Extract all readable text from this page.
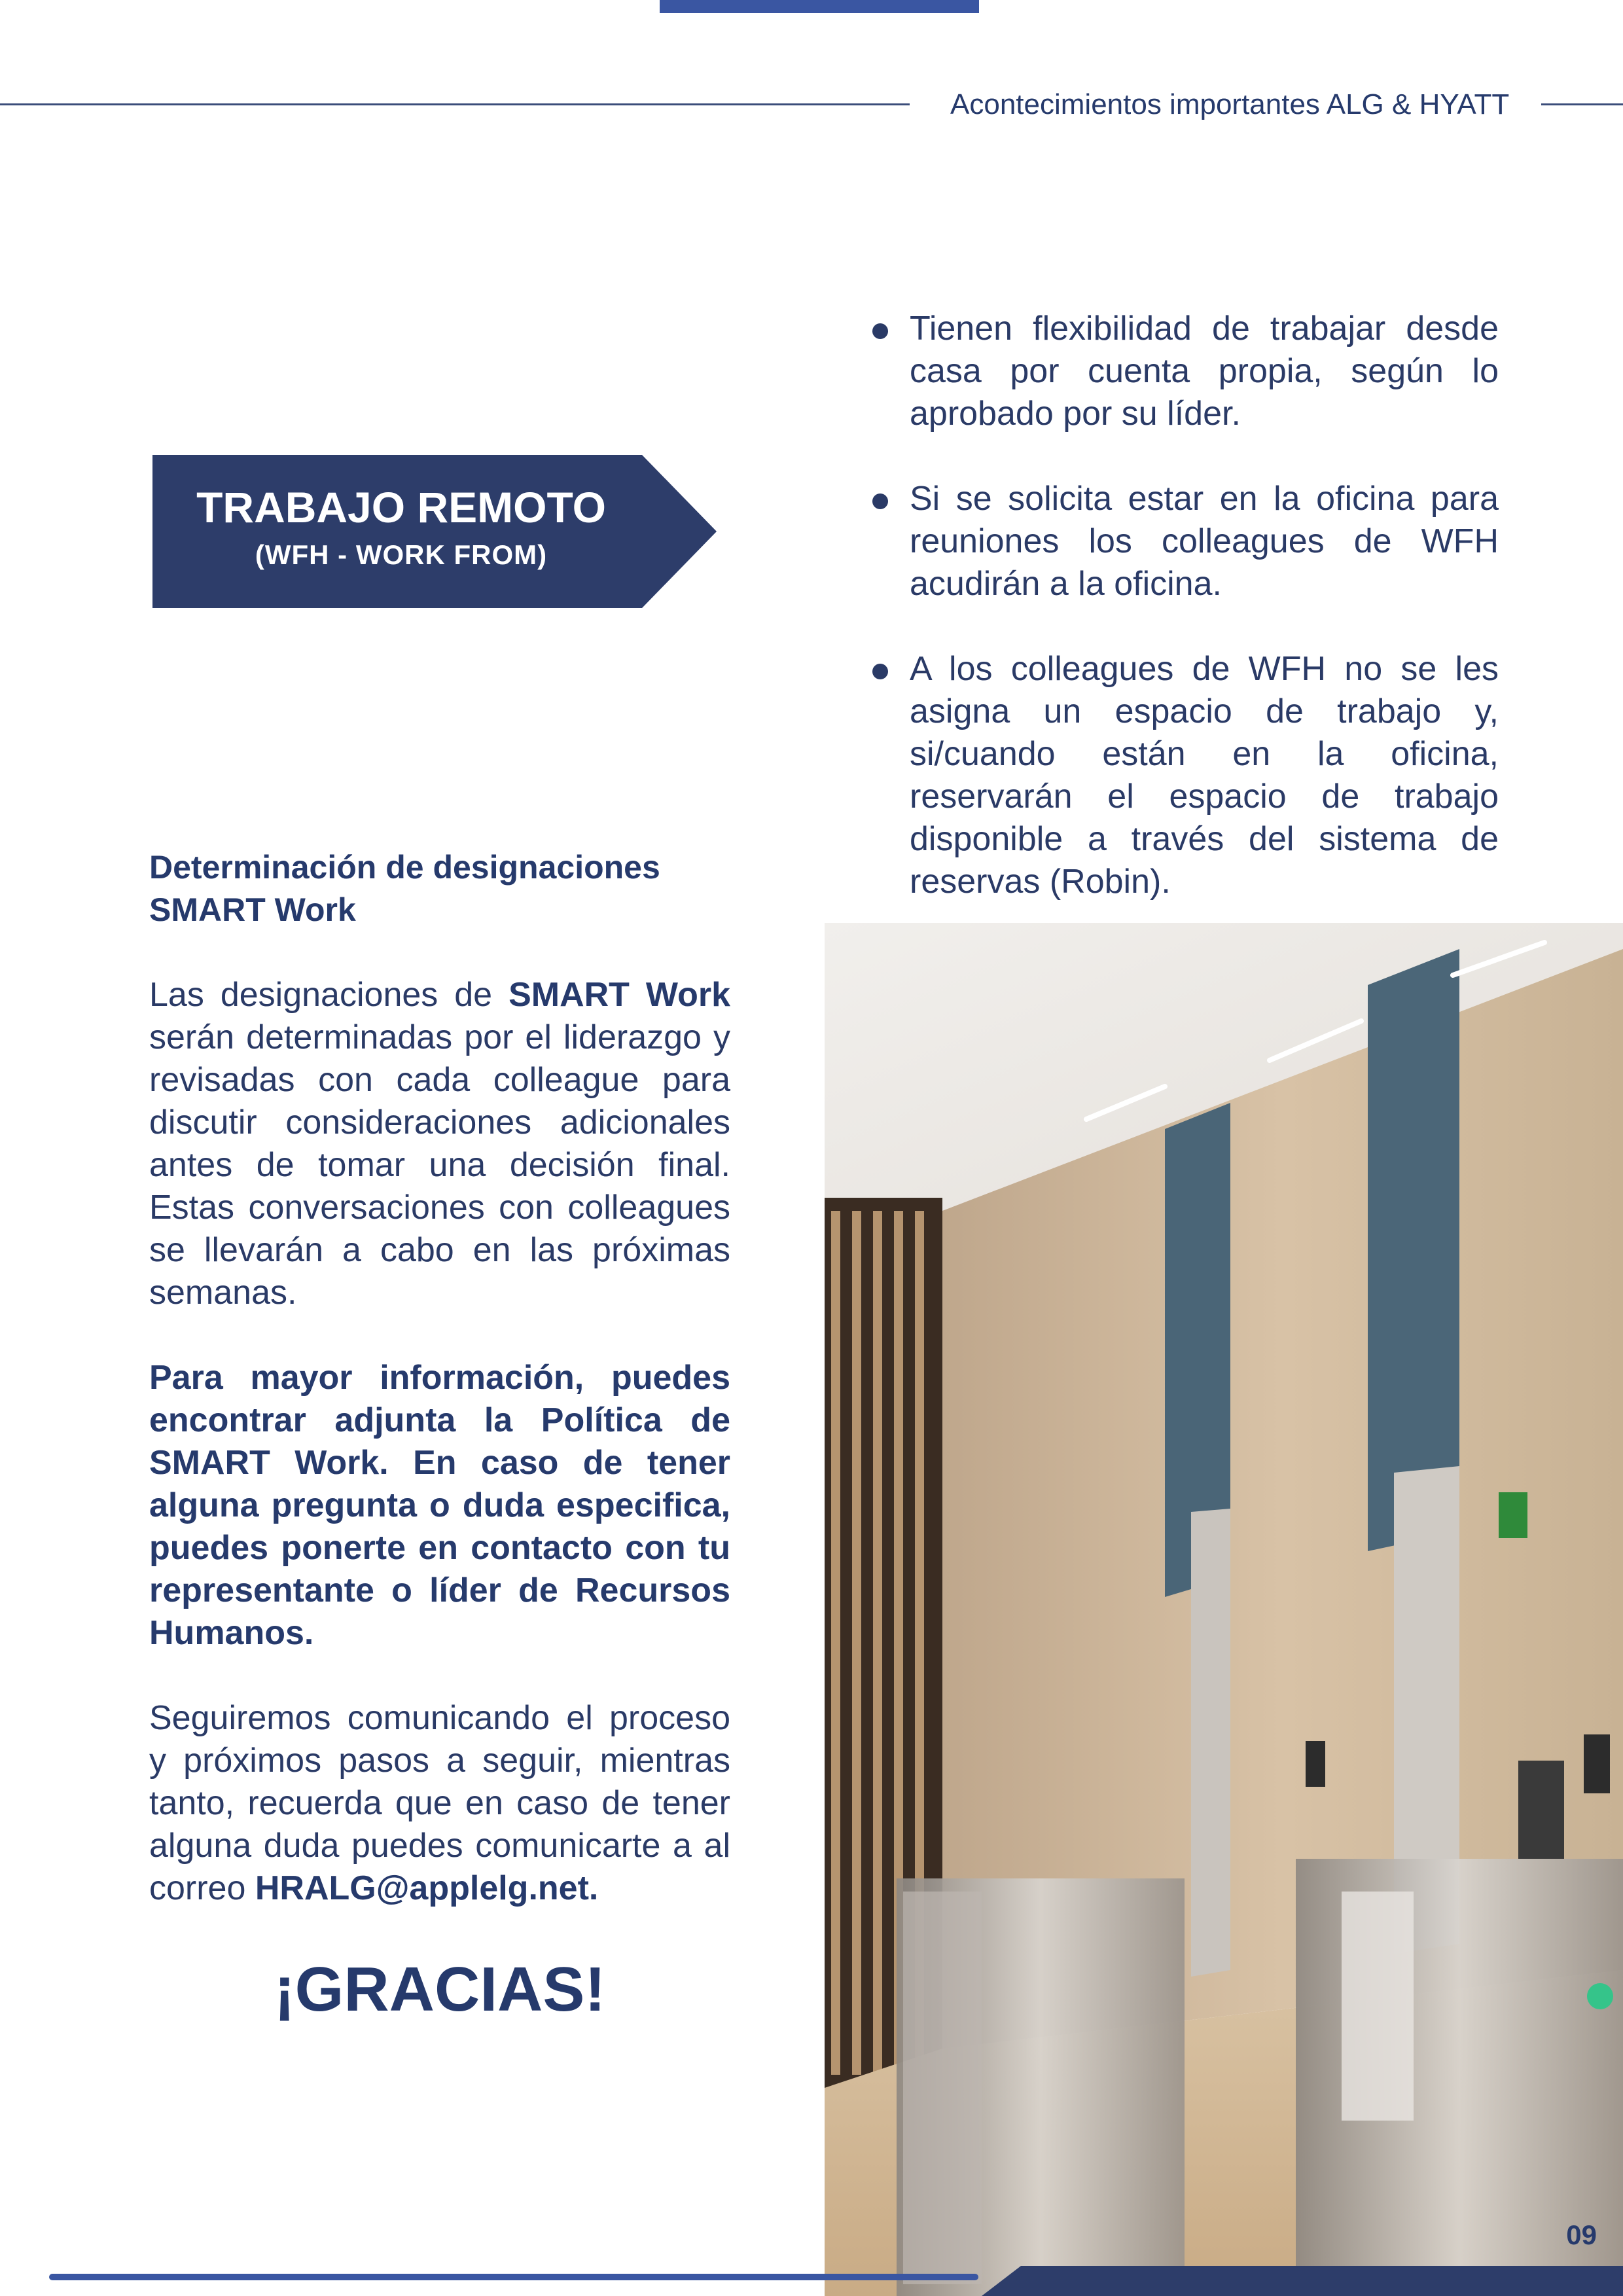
Acontecimientos importantes ALG & HYATT
TRABAJO REMOTO
(WFH - WORK FROM)
Tienen flexibilidad de trabajar desde casa por cuenta propia, según lo aprobado por su líder.
Si se solicita estar en la oficina para reuniones los colleagues de WFH acudirán a la oficina.
A los colleagues de WFH no se les asigna un espacio de trabajo y, si/cuando están en la oficina, reservarán el espacio de trabajo disponible a través del sistema de reservas (Robin).
Determinación de designaciones SMART Work

Las designaciones de SMART Work serán determinadas por el liderazgo y revisadas con cada colleague para discutir consideraciones adicionales antes de tomar una decisión final. Estas conversaciones con colleagues se llevarán a cabo en las próximas semanas.

Para mayor información, puedes encontrar adjunta la Política de SMART Work. En caso de tener alguna pregunta o duda especifica, puedes ponerte en contacto con tu representante o líder de Recursos Humanos.

Seguiremos comunicando el proceso y próximos pasos a seguir, mientras tanto, recuerda que en caso de tener alguna duda puedes comunicarte a al correo HRALG@applelg.net.

¡GRACIAS!
09
